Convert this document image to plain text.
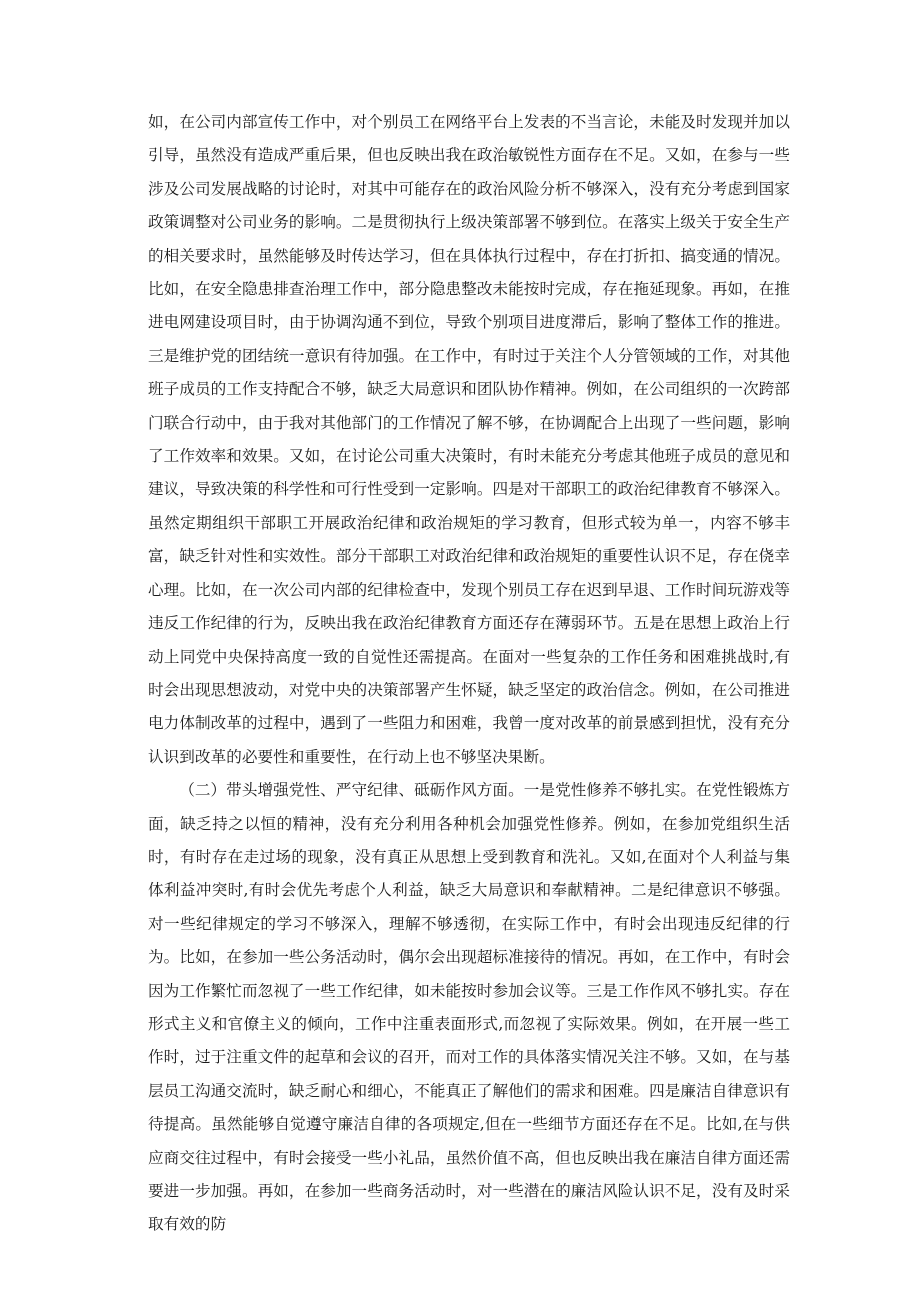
如，在公司内部宣传工作中，对个别员工在网络平台上发表的不当言论，未能及时发现并加以引导，虽然没有造成严重后果，但也反映出我在政治敏锐性方面存在不足。又如，在参与一些涉及公司发展战略的讨论时，对其中可能存在的政治风险分析不够深入，没有充分考虑到国家政策调整对公司业务的影响。二是贯彻执行上级决策部署不够到位。在落实上级关于安全生产的相关要求时，虽然能够及时传达学习，但在具体执行过程中，存在打折扣、搞变通的情况。比如，在安全隐患排查治理工作中，部分隐患整改未能按时完成，存在拖延现象。再如，在推进电网建设项目时，由于协调沟通不到位，导致个别项目进度滞后，影响了整体工作的推进。三是维护党的团结统一意识有待加强。在工作中，有时过于关注个人分管领域的工作，对其他班子成员的工作支持配合不够，缺乏大局意识和团队协作精神。例如，在公司组织的一次跨部门联合行动中，由于我对其他部门的工作情况了解不够，在协调配合上出现了一些问题，影响了工作效率和效果。又如，在讨论公司重大决策时，有时未能充分考虑其他班子成员的意见和建议，导致决策的科学性和可行性受到一定影响。四是对干部职工的政治纪律教育不够深入。虽然定期组织干部职工开展政治纪律和政治规矩的学习教育，但形式较为单一，内容不够丰富，缺乏针对性和实效性。部分干部职工对政治纪律和政治规矩的重要性认识不足，存在侥幸心理。比如，在一次公司内部的纪律检查中，发现个别员工存在迟到早退、工作时间玩游戏等违反工作纪律的行为，反映出我在政治纪律教育方面还存在薄弱环节。五是在思想上政治上行动上同党中央保持高度一致的自觉性还需提高。在面对一些复杂的工作任务和困难挑战时,有时会出现思想波动，对党中央的决策部署产生怀疑，缺乏坚定的政治信念。例如，在公司推进电力体制改革的过程中，遇到了一些阻力和困难，我曾一度对改革的前景感到担忧，没有充分认识到改革的必要性和重要性，在行动上也不够坚决果断。

（二）带头增强党性、严守纪律、砥砺作风方面。一是党性修养不够扎实。在党性锻炼方面，缺乏持之以恒的精神，没有充分利用各种机会加强党性修养。例如，在参加党组织生活时，有时存在走过场的现象，没有真正从思想上受到教育和洗礼。又如,在面对个人利益与集体利益冲突时,有时会优先考虑个人利益，缺乏大局意识和奉献精神。二是纪律意识不够强。对一些纪律规定的学习不够深入，理解不够透彻，在实际工作中，有时会出现违反纪律的行为。比如，在参加一些公务活动时，偶尔会出现超标准接待的情况。再如，在工作中，有时会因为工作繁忙而忽视了一些工作纪律，如未能按时参加会议等。三是工作作风不够扎实。存在形式主义和官僚主义的倾向，工作中注重表面形式,而忽视了实际效果。例如，在开展一些工作时，过于注重文件的起草和会议的召开，而对工作的具体落实情况关注不够。又如，在与基层员工沟通交流时，缺乏耐心和细心，不能真正了解他们的需求和困难。四是廉洁自律意识有待提高。虽然能够自觉遵守廉洁自律的各项规定,但在一些细节方面还存在不足。比如,在与供应商交往过程中，有时会接受一些小礼品，虽然价值不高，但也反映出我在廉洁自律方面还需要进一步加强。再如，在参加一些商务活动时，对一些潜在的廉洁风险认识不足，没有及时采取有效的防
